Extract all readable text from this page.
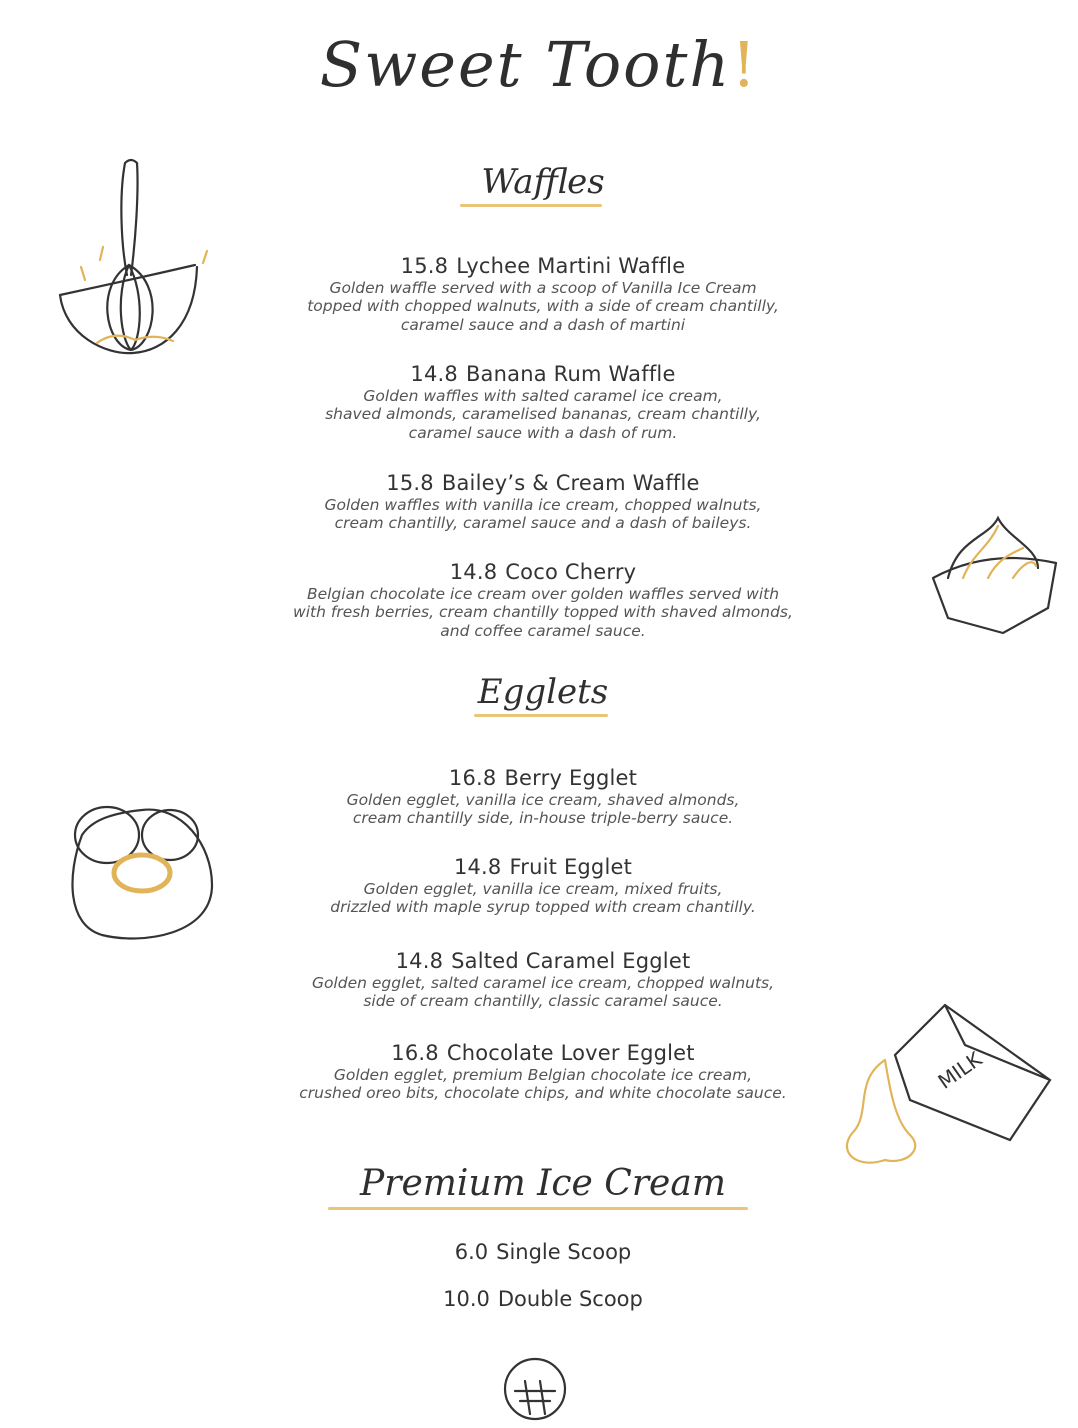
Sweet Tooth!
Waffles
15.8 Lychee Martini Waffle
Golden waffle served with a scoop of Vanilla Ice Cream
topped with chopped walnuts, with a side of cream chantilly,
caramel sauce and a dash of martini
14.8 Banana Rum Waffle
Golden waffles with salted caramel ice cream,
shaved almonds, caramelised bananas, cream chantilly,
caramel sauce with a dash of rum.
15.8 Bailey’s & Cream Waffle
Golden waffles with vanilla ice cream, chopped walnuts,
cream chantilly, caramel sauce and a dash of baileys.
14.8 Coco Cherry
Belgian chocolate ice cream over golden waffles served with
with fresh berries, cream chantilly topped with shaved almonds,
and coffee caramel sauce.
Egglets
16.8 Berry Egglet
Golden egglet, vanilla ice cream, shaved almonds,
cream chantilly side, in-house triple-berry sauce.
14.8 Fruit Egglet
Golden egglet, vanilla ice cream, mixed fruits,
drizzled with maple syrup topped with cream chantilly.
14.8 Salted Caramel Egglet
Golden egglet, salted caramel ice cream, chopped walnuts,
side of cream chantilly, classic caramel sauce.
16.8 Chocolate Lover Egglet
Golden egglet, premium Belgian chocolate ice cream,
crushed oreo bits, chocolate chips, and white chocolate sauce.
Premium Ice Cream
6.0 Single Scoop
10.0 Double Scoop
MILK
